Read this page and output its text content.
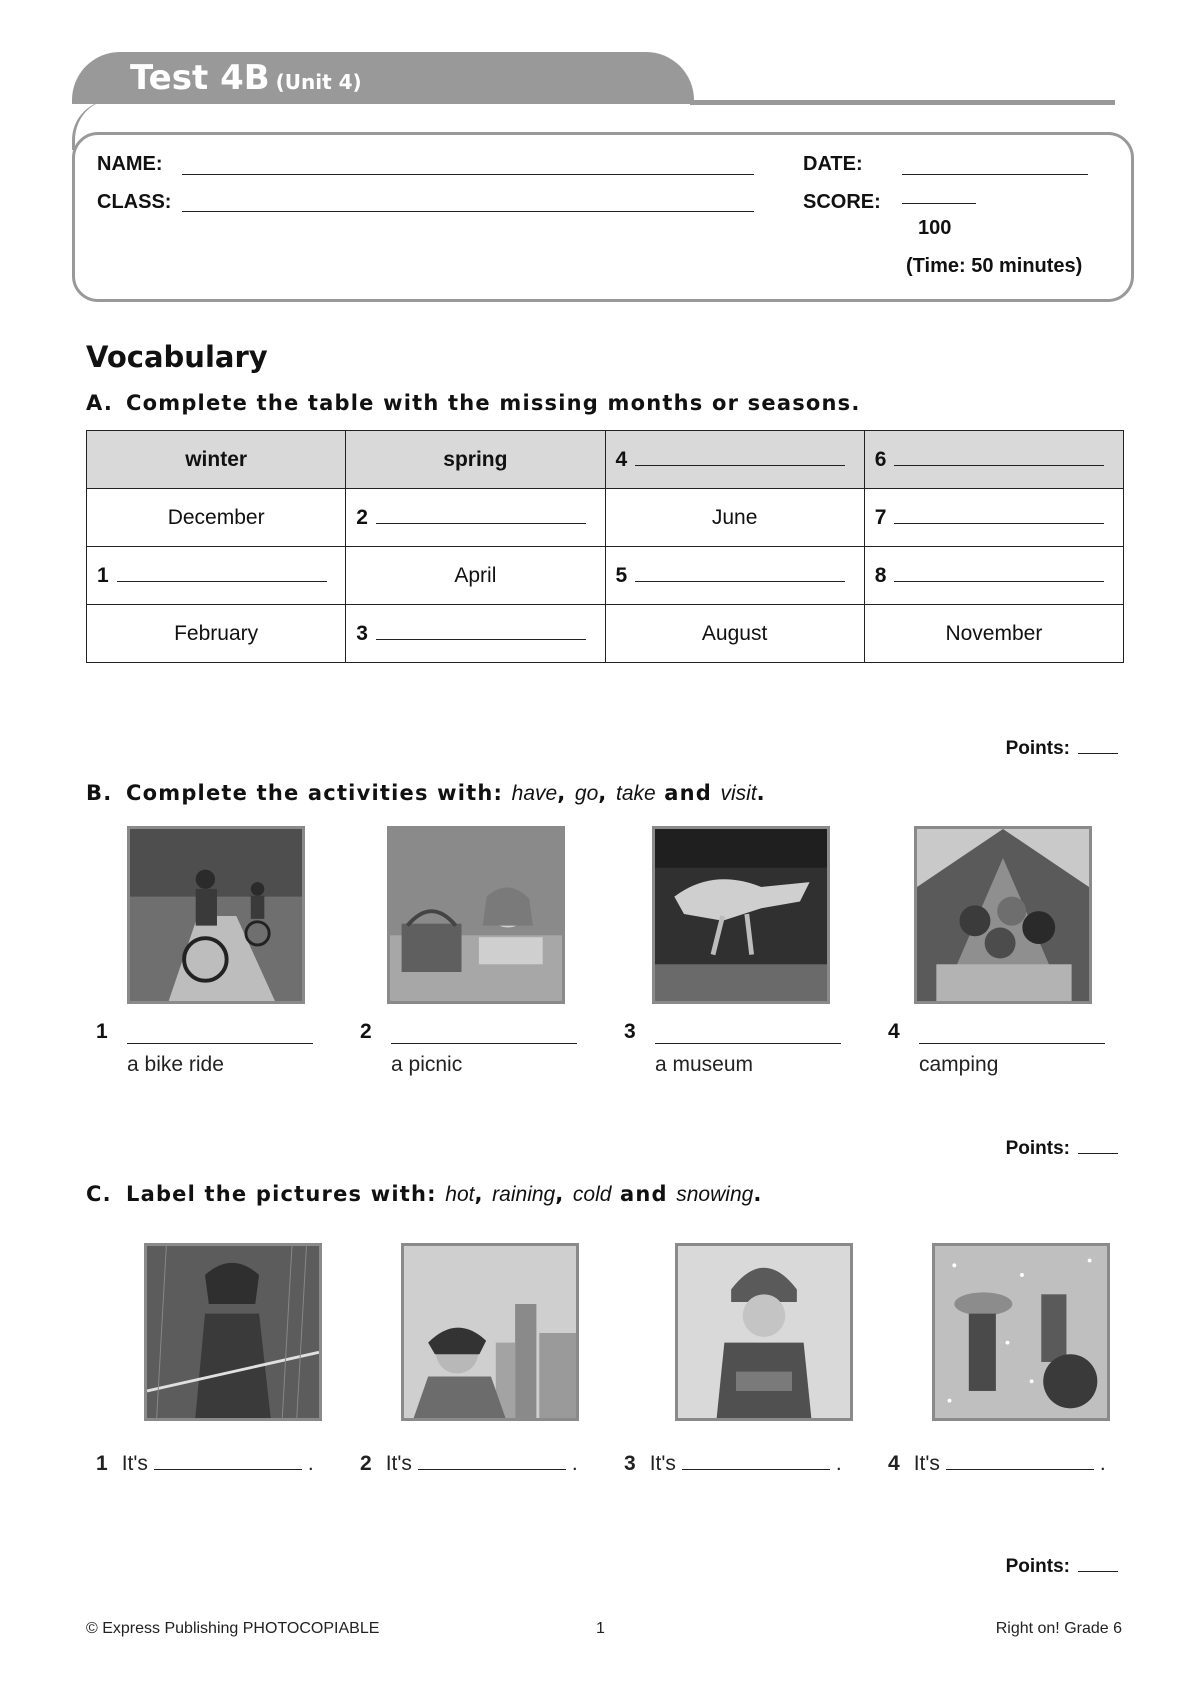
Test 4B (Unit 4)
NAME:
CLASS:
DATE:
SCORE:
100
(Time: 50 minutes)
Vocabulary
A. Complete the table with the missing months or seasons.
winter	spring	4	6
December	2	June	7
1	April	5	8
February	3	August	November
Points:
B. Complete the activities with: have, go, take and visit.
1
a bike ride
2
a picnic
3
a museum
4
camping
Points:
C. Label the pictures with: hot, raining, cold and snowing.
1 It's	. 2 It's	. 3 It's	. 4 It's	.
Points:
© Express Publishing PHOTOCOPIABLE	1	Right on! Grade 6
